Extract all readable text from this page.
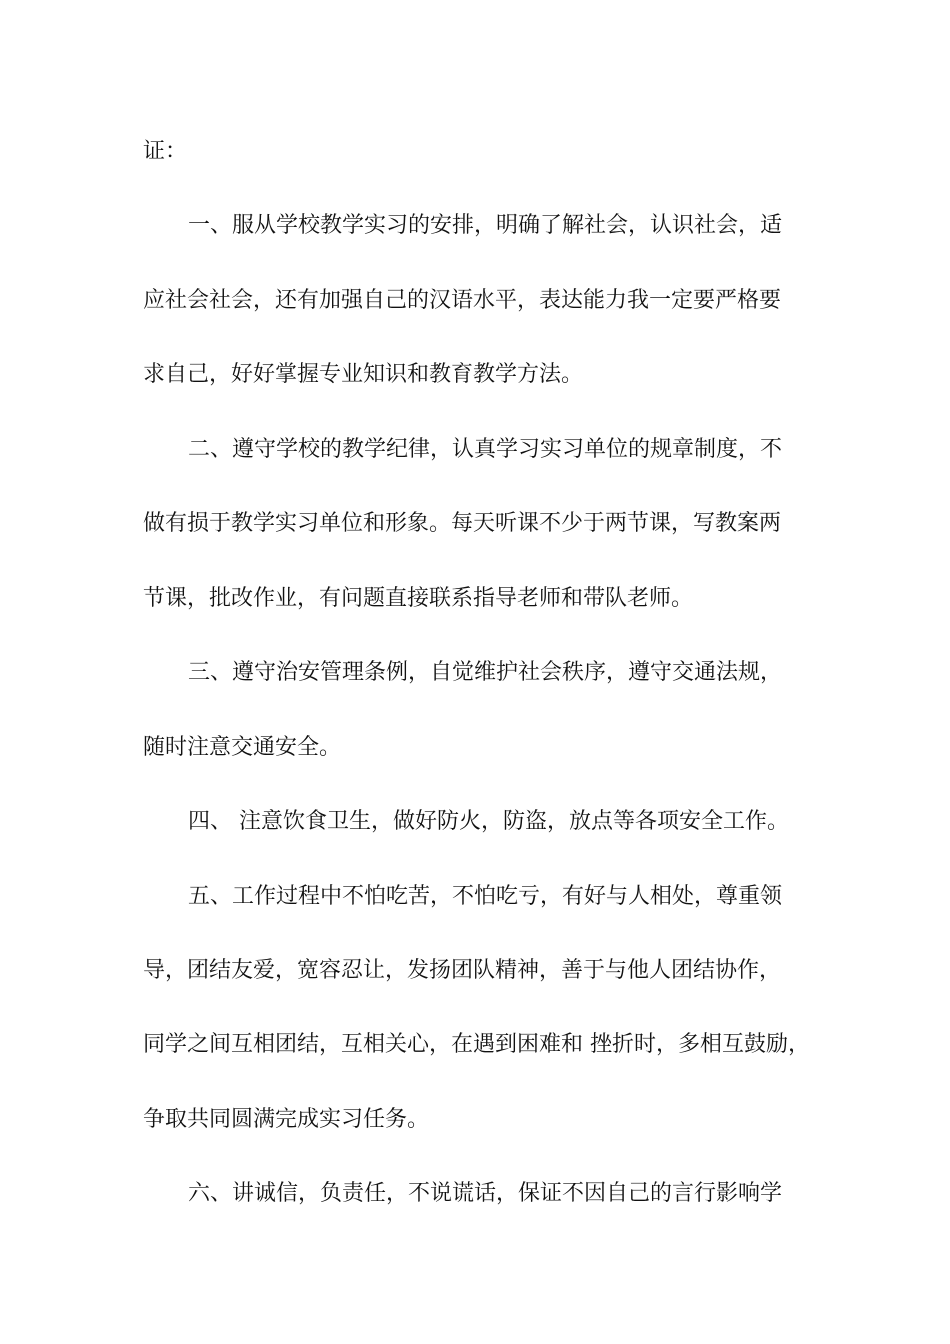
证：
一、服从学校教学实习的安排，明确了解社会，认识社会，适
应社会社会，还有加强自己的汉语水平，表达能力我一定要严格要
求自己，好好掌握专业知识和教育教学方法。
二、遵守学校的教学纪律，认真学习实习单位的规章制度，不
做有损于教学实习单位和形象。每天听课不少于两节课，写教案两
节课，批改作业，有问题直接联系指导老师和带队老师。
三、遵守治安管理条例，自觉维护社会秩序，遵守交通法规，
随时注意交通安全。
四、 注意饮食卫生，做好防火，防盗，放点等各项安全工作。
五、工作过程中不怕吃苦，不怕吃亏，有好与人相处，尊重领
导，团结友爱，宽容忍让，发扬团队精神，善于与他人团结协作，
同学之间互相团结，互相关心，在遇到困难和 挫折时，多相互鼓励，
争取共同圆满完成实习任务。
六、讲诚信，负责任，不说谎话，保证不因自己的言行影响学
